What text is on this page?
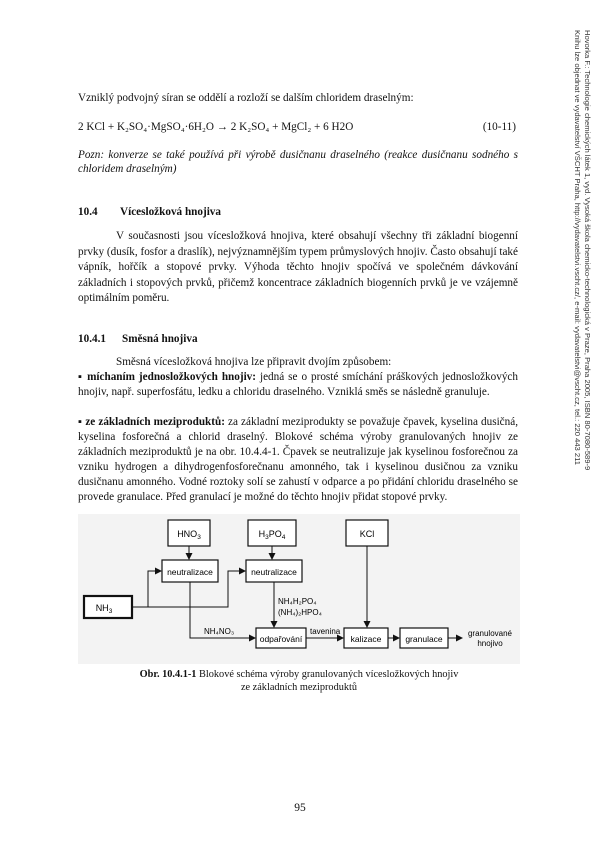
Hovorka F.: Technologie chemických látek 1, vyd. Vysoká škola chemicko-technologická v Praze, Praha 2005, ISBN 80-7080-589-9
Knihu lze objednat ve vydavatelství VŠCHT Praha, http://vydavatelstvi.vscht.cz/, e-mail: vydavatelstvi@vscht.cz, tel.: 220 443 211
Vzniklý podvojný síran se oddělí a rozloží se dalším chloridem draselným:
2 KCl + K₂SO₄·MgSO₄·6H₂O → 2 K₂SO₄ + MgCl₂ + 6 H2O	(10-11)
Pozn: konverze se také používá při výrobě dusičnanu draselného (reakce dusičnanu sodného s chloridem draselným)
10.4	Vícesložková hnojiva
V současnosti jsou vícesložková hnojiva, které obsahují všechny tři základní biogenní prvky (dusík, fosfor a draslík), nejvýznamnějším typem průmyslových hnojiv. Často obsahují také vápník, hořčík a stopové prvky. Výhoda těchto hnojiv spočívá ve společném dávkování základních i stopových prvků, přičemž koncentrace základních biogenních prvků je ve vzájemně optimálním poměru.
10.4.1	Směsná hnojiva
Směsná vícesložková hnojiva lze připravit dvojím způsobem:
▪ míchaním jednosložkových hnojiv: jedná se o prosté smíchání práškových jednosložkových hnojiv, např. superfosfátu, ledku a chloridu draselného. Vzniklá směs se následně granuluje.
▪ ze základních meziproduktů: za základní meziprodukty se považuje čpavek, kyselina dusičná, kyselina fosforečná a chlorid draselný. Blokové schéma výroby granulovaných hnojiv ze základních meziproduktů je na obr. 10.4.4-1. Čpavek se neutralizuje jak kyselinou fosforečnou za vzniku hydrogen a dihydrogenfosforečnanu amonného, tak i kyselinou dusičnou za vzniku dusičnanu amonného. Vodné roztoky solí se zahustí v odparce a po přidání chloridu draselného se provede granulace. Před granulací je možné do těchto hnojiv přidat stopové prvky.
$HNO_3$	$H_3PO_4$	KCl
neutralizace	neutralizace
$NH_3$
odpařování	kalizace	granulace
NH₄H₂PO₄
(NH₄)₂HPO₄
NH₄NO₃	tavenina	granulované
hnojivo
Obr. 10.4.1-1 Blokové schéma výroby granulovaných vícesložkových hnojiv
ze základních meziproduktů
95
